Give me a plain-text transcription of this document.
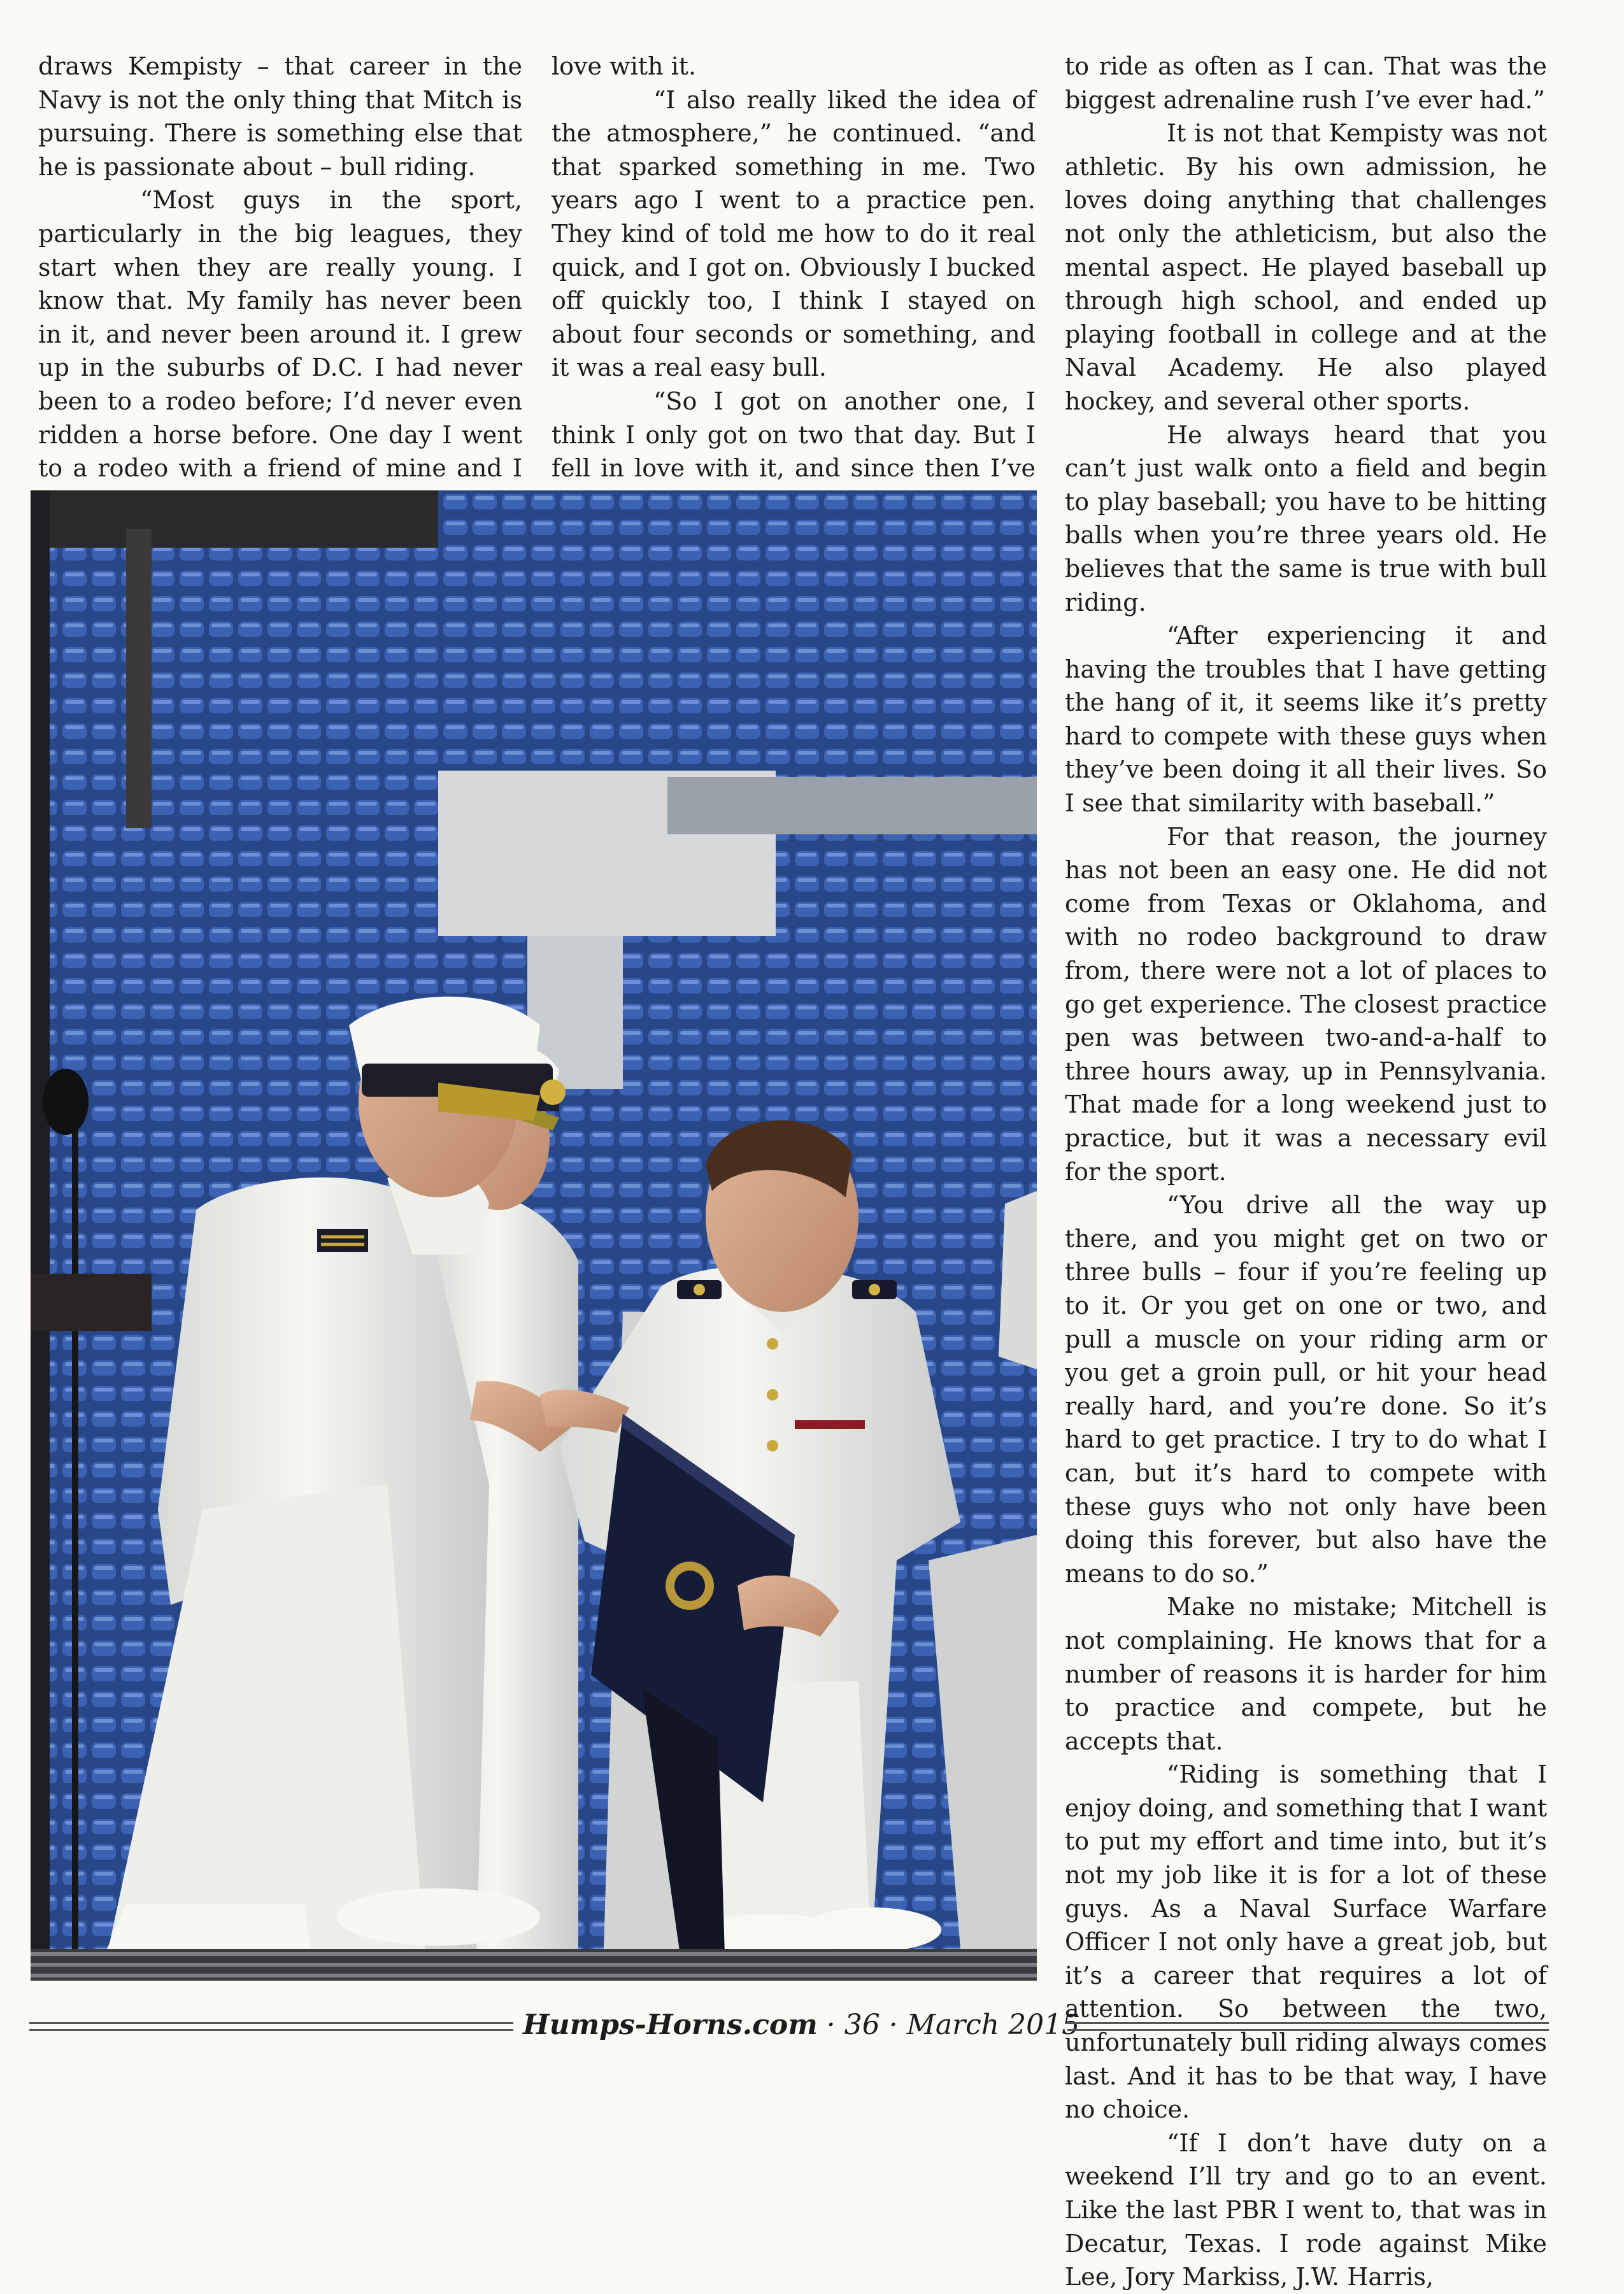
draws Kempisty – that career in the Navy is not the only thing that Mitch is pursuing. There is something else that he is passionate about – bull riding.

“Most guys in the sport, particularly in the big leagues, they start when they are really young. I know that. My family has never been in it, and never been around it. I grew up in the suburbs of D.C. I had never been to a rodeo before; I’d never even ridden a horse before. One day I went to a rodeo with a friend of mine and I

love with it.

“I also really liked the idea of the atmosphere,” he continued. “and that sparked something in me. Two years ago I went to a practice pen. They kind of told me how to do it real quick, and I got on. Obviously I bucked off quickly too, I think I stayed on about four seconds or something, and it was a real easy bull.

“So I got on another one, I think I only got on two that day. But I fell in love with it, and since then I’ve

to ride as often as I can. That was the biggest adrenaline rush I’ve ever had.”

It is not that Kempisty was not athletic. By his own admission, he loves doing anything that challenges not only the athleticism, but also the mental aspect. He played baseball up through high school, and ended up playing football in college and at the Naval Academy. He also played hockey, and several other sports.

He always heard that you can’t just walk onto a field and begin to play baseball; you have to be hitting balls when you’re three years old. He believes that the same is true with bull riding.

“After experiencing it and having the troubles that I have getting the hang of it, it seems like it’s pretty hard to compete with these guys when they’ve been doing it all their lives. So I see that similarity with baseball.”

For that reason, the journey has not been an easy one. He did not come from Texas or Oklahoma, and with no rodeo background to draw from, there were not a lot of places to go get experience. The closest practice pen was between two-and-a-half to three hours away, up in Pennsylvania. That made for a long weekend just to practice, but it was a necessary evil for the sport.

“You drive all the way up there, and you might get on two or three bulls – four if you’re feeling up to it. Or you get on one or two, and pull a muscle on your riding arm or you get a groin pull, or hit your head really hard, and you’re done. So it’s hard to get practice. I try to do what I can, but it’s hard to compete with these guys who not only have been doing this forever, but also have the means to do so.”

Make no mistake; Mitchell is not complaining. He knows that for a number of reasons it is harder for him to practice and compete, but he accepts that.

“Riding is something that I enjoy doing, and something that I want to put my effort and time into, but it’s not my job like it is for a lot of these guys. As a Naval Surface Warfare Officer I not only have a great job, but it’s a career that requires a lot of attention. So between the two, unfortunately bull riding always comes last. And it has to be that way, I have no choice.

“If I don’t have duty on a weekend I’ll try and go to an event. Like the last PBR I went to, that was in Decatur, Texas. I rode against Mike Lee, Jory Markiss, J.W. Harris,

Humps-Horns.com · 36 · March 2015
